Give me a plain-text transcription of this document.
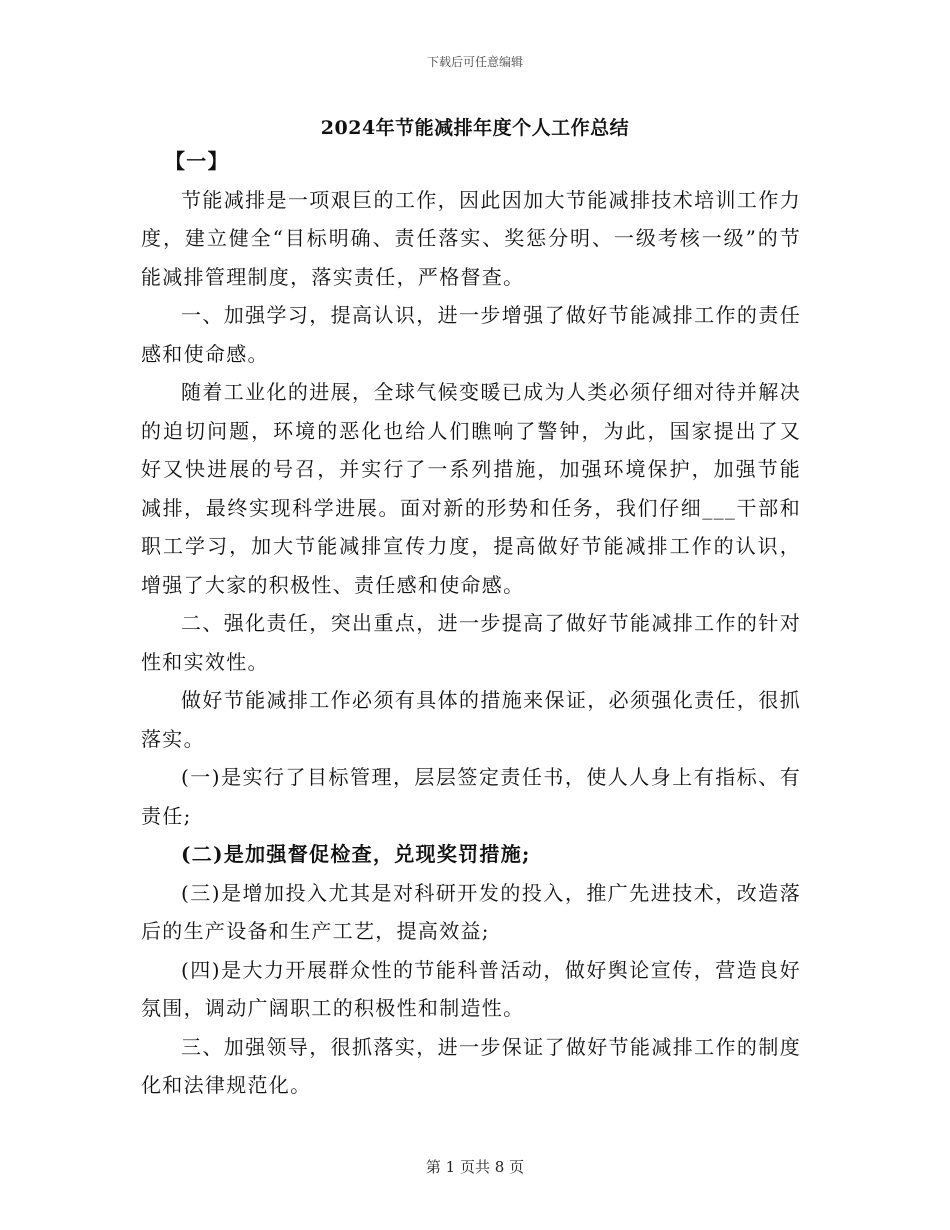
下载后可任意编辑
2024年节能减排年度个人工作总结

【一】

节能减排是一项艰巨的工作，因此因加大节能减排技术培训工作力度，建立健全“目标明确、责任落实、奖惩分明、一级考核一级”的节能减排管理制度，落实责任，严格督查。

一、加强学习，提高认识，进一步增强了做好节能减排工作的责任感和使命感。

随着工业化的进展，全球气候变暖已成为人类必须仔细对待并解决的迫切问题，环境的恶化也给人们瞧响了警钟，为此，国家提出了又好又快进展的号召，并实行了一系列措施，加强环境保护，加强节能减排，最终实现科学进展。面对新的形势和任务，我们仔细___干部和职工学习，加大节能减排宣传力度，提高做好节能减排工作的认识，增强了大家的积极性、责任感和使命感。

二、强化责任，突出重点，进一步提高了做好节能减排工作的针对性和实效性。

做好节能减排工作必须有具体的措施来保证，必须强化责任，很抓落实。

(一)是实行了目标管理，层层签定责任书，使人人身上有指标、有责任;

(二)是加强督促检查，兑现奖罚措施;

(三)是增加投入尤其是对科研开发的投入，推广先进技术，改造落后的生产设备和生产工艺，提高效益;

(四)是大力开展群众性的节能科普活动，做好舆论宣传，营造良好氛围，调动广阔职工的积极性和制造性。

三、加强领导，很抓落实，进一步保证了做好节能减排工作的制度化和法律规范化。

第 1 页共 8 页
